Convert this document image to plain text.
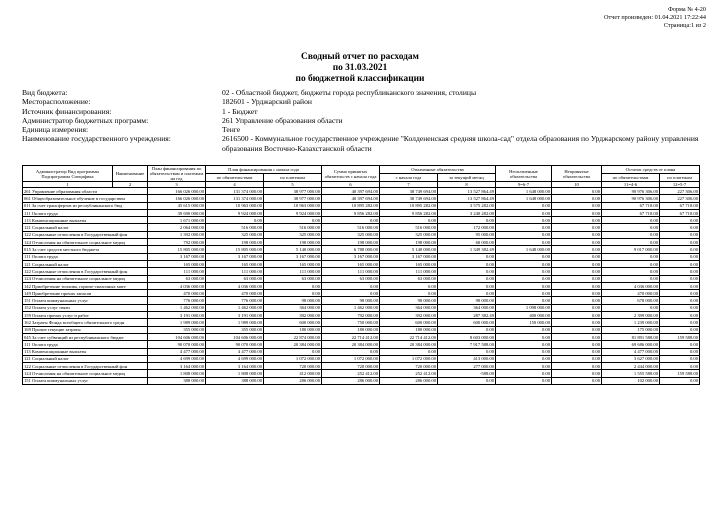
Форма № 4-20
Отчет произведен: 01.04.2021 17:22:44
Страница:1 из 2
Сводный отчет по расходам
по 31.03.2021
по бюджетной классификации
Вид бюджета:	02 - Областной бюджет, бюджеты города республиканского значения, столицы
Месторасположение:	182601 - Урджарский район
Источник финансирования:	1 - Бюджет
Администратор бюджетных программ:	261 Управление образования области
Единица измерения:	Тенге
Наименование государственного учреждения:	2616500 - Коммунальное государственное учреждение "Колдененская средняя школа-сад" отдела образования по Урджарскому району управления образования Восточно-Казахстанской области
Администратор Вид программы Подпрограмма Специфика	Наименование	План финансирования по обязательствам и платежам на год	План финансирования с начала года		Сумма принятых обязательств с начала года	Оплаченные обязательства		Неоплаченные обязательства	Непринятые обязательства	Остаток средств от плана	
			по обязательствам	по платежам		с начала года	за текущий месяц			по обязательствам	по платежам
1	2	3	4	5	6	7	8	9=6-7	10	11=4-6	12=5-7
261 Управление образования области		166 026 000.00	131 374 000.00	38 977 000.00	40 397 694.00	38 749 694.00	13 527 864.49	1 648 000.00	0.00	90 976 306.00	227 306.00
061 Общеобразовательное обучение в государствен		166 026 000.00	131 374 000.00	38 977 000.00	40 397 694.00	38 749 694.00	13 527 864.49	1 648 000.00	0.00	90 976 306.00	227 306.00
011 За счет трансфертов из республиканского бюд		45 615 000.00	10 963 000.00	10 963 000.00	10 895 282.00	10 895 282.00	3 575 282.00	0.00	0.00	67 718.00	67 718.00
111 Оплата труда		39 690 000.00	9 924 000.00	9 924 000.00	9 856 282.00	9 856 282.00	3 240 282.00	0.00	0.00	67 718.00	67 718.00
113 Компенсационные выплаты		1 671 000.00	0.00	0.00	0.00	0.00	0.00	0.00	0.00	0.00	0.00
121 Социальный налог		2 064 000.00	516 000.00	516 000.00	516 000.00	516 000.00	172 000.00	0.00	0.00	0.00	0.00
122 Социальные отчисления в Государственный фон		1 392 000.00	325 000.00	325 000.00	325 000.00	325 000.00	95 000.00	0.00	0.00	0.00	0.00
124 Отчисления на обязательное социальное медиц		792 000.00	198 000.00	198 000.00	198 000.00	198 000.00	68 000.00	0.00	0.00	0.00	0.00
015 За счет средств местного бюджета		15 805 000.00	15 805 000.00	5 140 000.00	6 788 000.00	5 140 000.00	1 349 382.49	1 648 000.00	0.00	9 017 000.00	0.00
111 Оплата труда		3 167 000.00	3 167 000.00	3 167 000.00	3 167 000.00	3 167 000.00	0.00	0.00	0.00	0.00	0.00
121 Социальный налог		165 000.00	165 000.00	165 000.00	165 000.00	165 000.00	0.00	0.00	0.00	0.00	0.00
122 Социальные отчисления в Государственный фон		111 000.00	111 000.00	111 000.00	111 000.00	111 000.00	0.00	0.00	0.00	0.00	0.00
124 Отчисления на обязательное социальное медиц		63 000.00	63 000.00	63 000.00	63 000.00	63 000.00	0.00	0.00	0.00	0.00	0.00
142 Приобретение топлива, горюче-смазочных мате		4 036 000.00	4 036 000.00	0.00	0.00	0.00	0.00	0.00	0.00	4 036 000.00	0.00
149 Приобретение прочих запасов		470 000.00	470 000.00	0.00	0.00	0.00	0.00	0.00	0.00	470 000.00	0.00
151 Оплата коммунальных услуг		776 000.00	776 000.00	98 000.00	98 000.00	98 000.00	98 000.00	0.00	0.00	678 000.00	0.00
152 Оплата услуг связи		1 462 000.00	1 462 000.00	364 000.00	1 462 000.00	364 000.00	364 000.00	1 098 000.00	0.00	0.00	0.00
159 Оплата прочих услуг и работ		3 191 000.00	3 191 000.00	392 000.00	792 000.00	392 000.00	287 382.49	400 000.00	0.00	2 399 000.00	0.00
162 Затраты Фонда всеобщего обязательного средн		1 989 000.00	1 989 000.00	600 000.00	750 000.00	600 000.00	600 000.00	150 000.00	0.00	1 239 000.00	0.00
169 Прочие текущие затраты		355 000.00	355 000.00	180 000.00	180 000.00	180 000.00	0.00	0.00	0.00	175 000.00	0.00
045 За счет субвенций из республиканского бюдже		104 606 000.00	104 606 000.00	22 874 000.00	22 714 412.00	22 714 412.00	8 603 000.00	0.00	0.00	81 891 588.00	159 588.00
111 Оплата труда		90 070 000.00	90 070 000.00	20 384 000.00	20 384 000.00	20 384 000.00	7 917 588.00	0.00	0.00	69 686 000.00	0.00
113 Компенсационные выплаты		4 477 000.00	4 477 000.00	0.00	0.00	0.00	0.00	0.00	0.00	4 477 000.00	0.00
121 Социальный налог		4 699 000.00	4 699 000.00	1 072 000.00	1 072 000.00	1 072 000.00	413 000.00	0.00	0.00	3 627 000.00	0.00
122 Социальные отчисления в Государственный фон		3 164 000.00	3 164 000.00	720 000.00	720 000.00	720 000.00	277 000.00	0.00	0.00	2 444 000.00	0.00
124 Отчисления на обязательное социальное медиц		1 808 000.00	1 808 000.00	412 000.00	252 412.00	252 412.00	-588.00	0.00	0.00	1 555 588.00	159 588.00
151 Оплата коммунальных услуг		388 000.00	388 000.00	286 000.00	286 000.00	286 000.00	0.00	0.00	0.00	102 000.00	0.00
